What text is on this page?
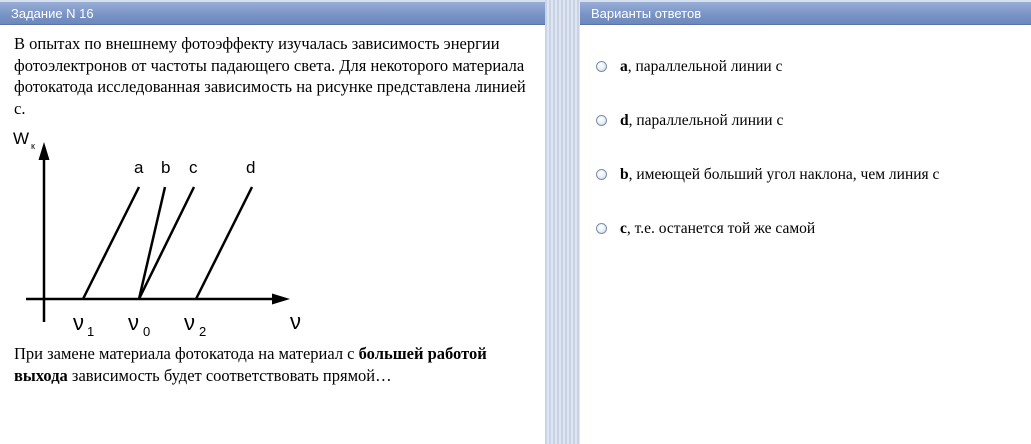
Задание N 16	Варианты ответов
В опытах по внешнему фотоэффекту изучалась зависимость энергии фотоэлектронов от частоты падающего света. Для некоторого материала фотокатода исследованная зависимость на рисунке представлена линией с.
a b c	d
W к
ν
ν 1 ν 0 ν 2
При замене материала фотокатода на материал с большей работой выхода зависимость будет соответствовать прямой…
a, параллельной линии с
d, параллельной линии с
b, имеющей больший угол наклона, чем линия с
c, т.е. останется той же самой
